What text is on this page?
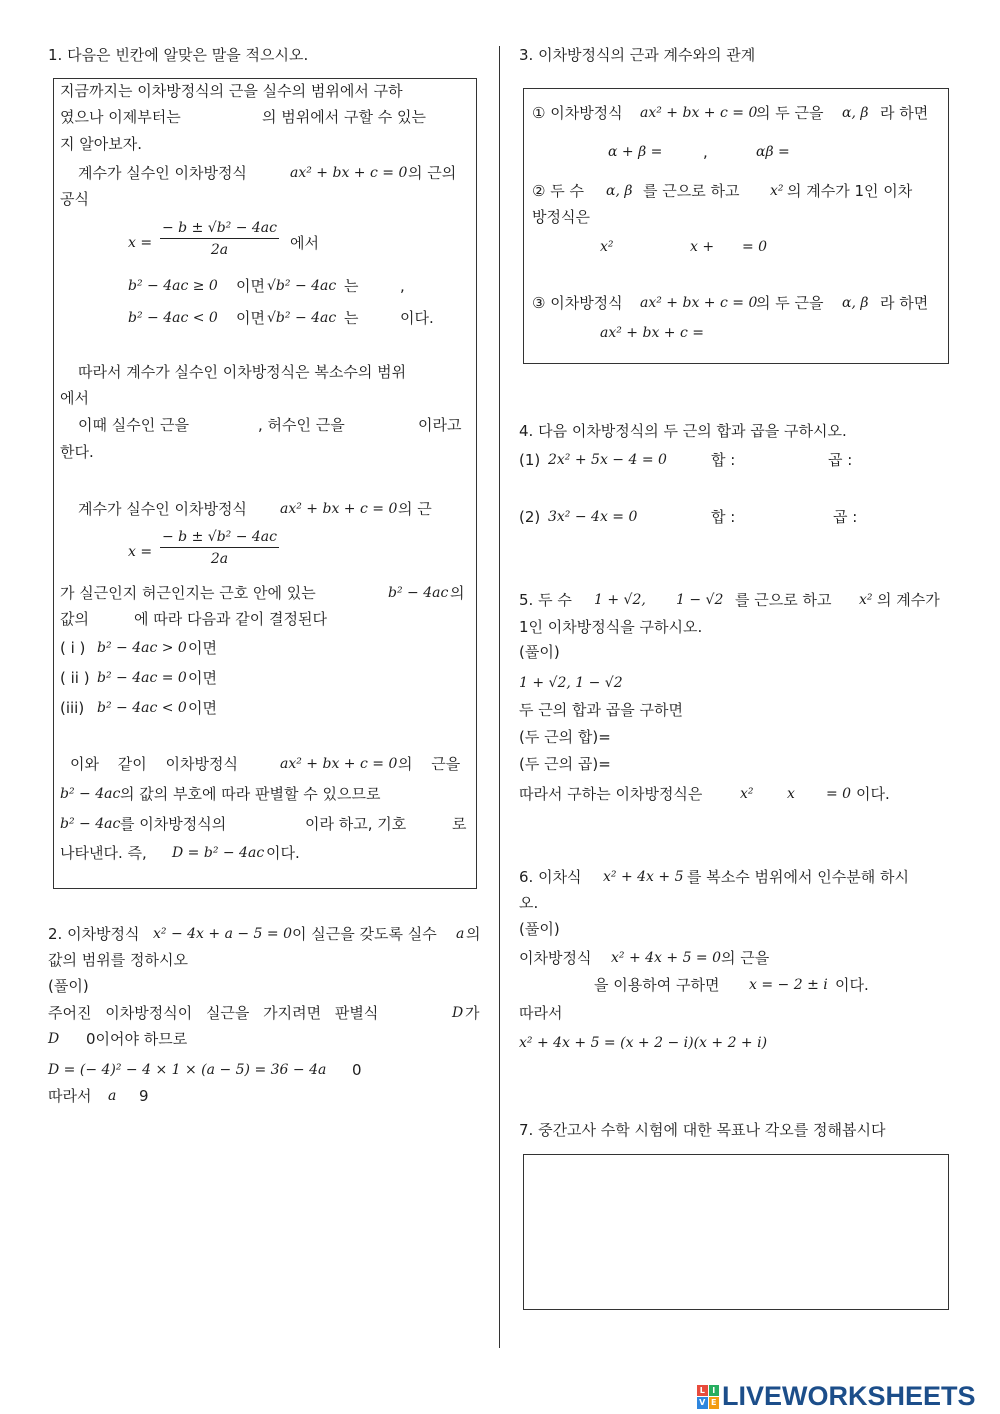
1. 다음은 빈칸에 알맞은 말을 적으시오.
지금까지는 이차방정식의 근을 실수의 범위에서 구하
였으나 이제부터는	의 범위에서 구할 수 있는
지 알아보자.
계수가 실수인 이차방정식	ax² + bx + c = 0 의 근의
공식
$x = \frac{\text{− b ± √b² − 4ac}}{2a}$ 에서
b² − 4ac ≥ 0 이면 √b² − 4ac 는	,
b² − 4ac < 0 이면 √b² − 4ac 는	이다.
따라서 계수가 실수인 이차방정식은 복소수의 범위
에서
이때 실수인 근을	, 허수인 근을	이라고
한다.
계수가 실수인 이차방정식 ax² + bx + c = 0 의 근
$x = \frac{\text{− b ± √b² − 4ac}}{2a}$
가 실근인지 허근인지는 근호 안에 있는	b² − 4ac 의
값의	에 따라 다음과 같이 결정된다
( i ) b² − 4ac > 0 이면
( ii ) b² − 4ac = 0 이면
(iii) b² − 4ac < 0 이면
이와 같이 이차방정식	ax² + bx + c = 0 의 근을
b² − 4ac 의 값의 부호에 따라 판별할 수 있으므로
b² − 4ac 를 이차방정식의	이라 하고, 기호	로
나타낸다. 즉, D = b² − 4ac 이다.
2. 이차방정식 x² − 4x + a − 5 = 0 이 실근을 갖도록 실수 a 의
값의 범위를 정하시오
(풀이)
주어진 이차방정식이 실근을 가지려면 판별식	D 가
D 0이어야 하므로
D = (− 4)² − 4 × 1 × (a − 5) = 36 − 4a 0
따라서 a 9
3. 이차방정식의 근과 계수와의 관계
① 이차방정식 ax² + bx + c = 0
의 두 근을 α, β 라 하면
α + β =	,	αβ =
② 두 수 α, β 를 근으로 하고 x² 의 계수가 1인 이차
방정식은
x²	x + = 0
③ 이차방정식 ax² + bx + c = 0
의 두 근을 α, β 라 하면
ax² + bx + c =
4. 다음 이차방정식의 두 근의 합과 곱을 구하시오.
(1) 2x² + 5x − 4 = 0	합 :	곱 :
(2) 3x² − 4x = 0	합 :	곱 :
5. 두 수 1 + √2, 1 − √2 를 근으로 하고 x² 의 계수가
1인 이차방정식을 구하시오.
(풀이)
1 + √2, 1 − √2
두 근의 합과 곱을 구하면
(두 근의 합)=
(두 근의 곱)=
따라서 구하는 이차방정식은	x² x = 0 이다.
6. 이차식 x² + 4x + 5 를 복소수 범위에서 인수분해 하시
오.
(풀이)
이차방정식 x² + 4x + 5 = 0 의 근을
을 이용하여 구하면 x = − 2 ± i 이다.
따라서
x² + 4x + 5 = (x + 2 − i)(x + 2 + i)
7. 중간고사 수학 시험에 대한 목표나 각오를 정해봅시다
L I
V E LIVEWORKSHEETS
